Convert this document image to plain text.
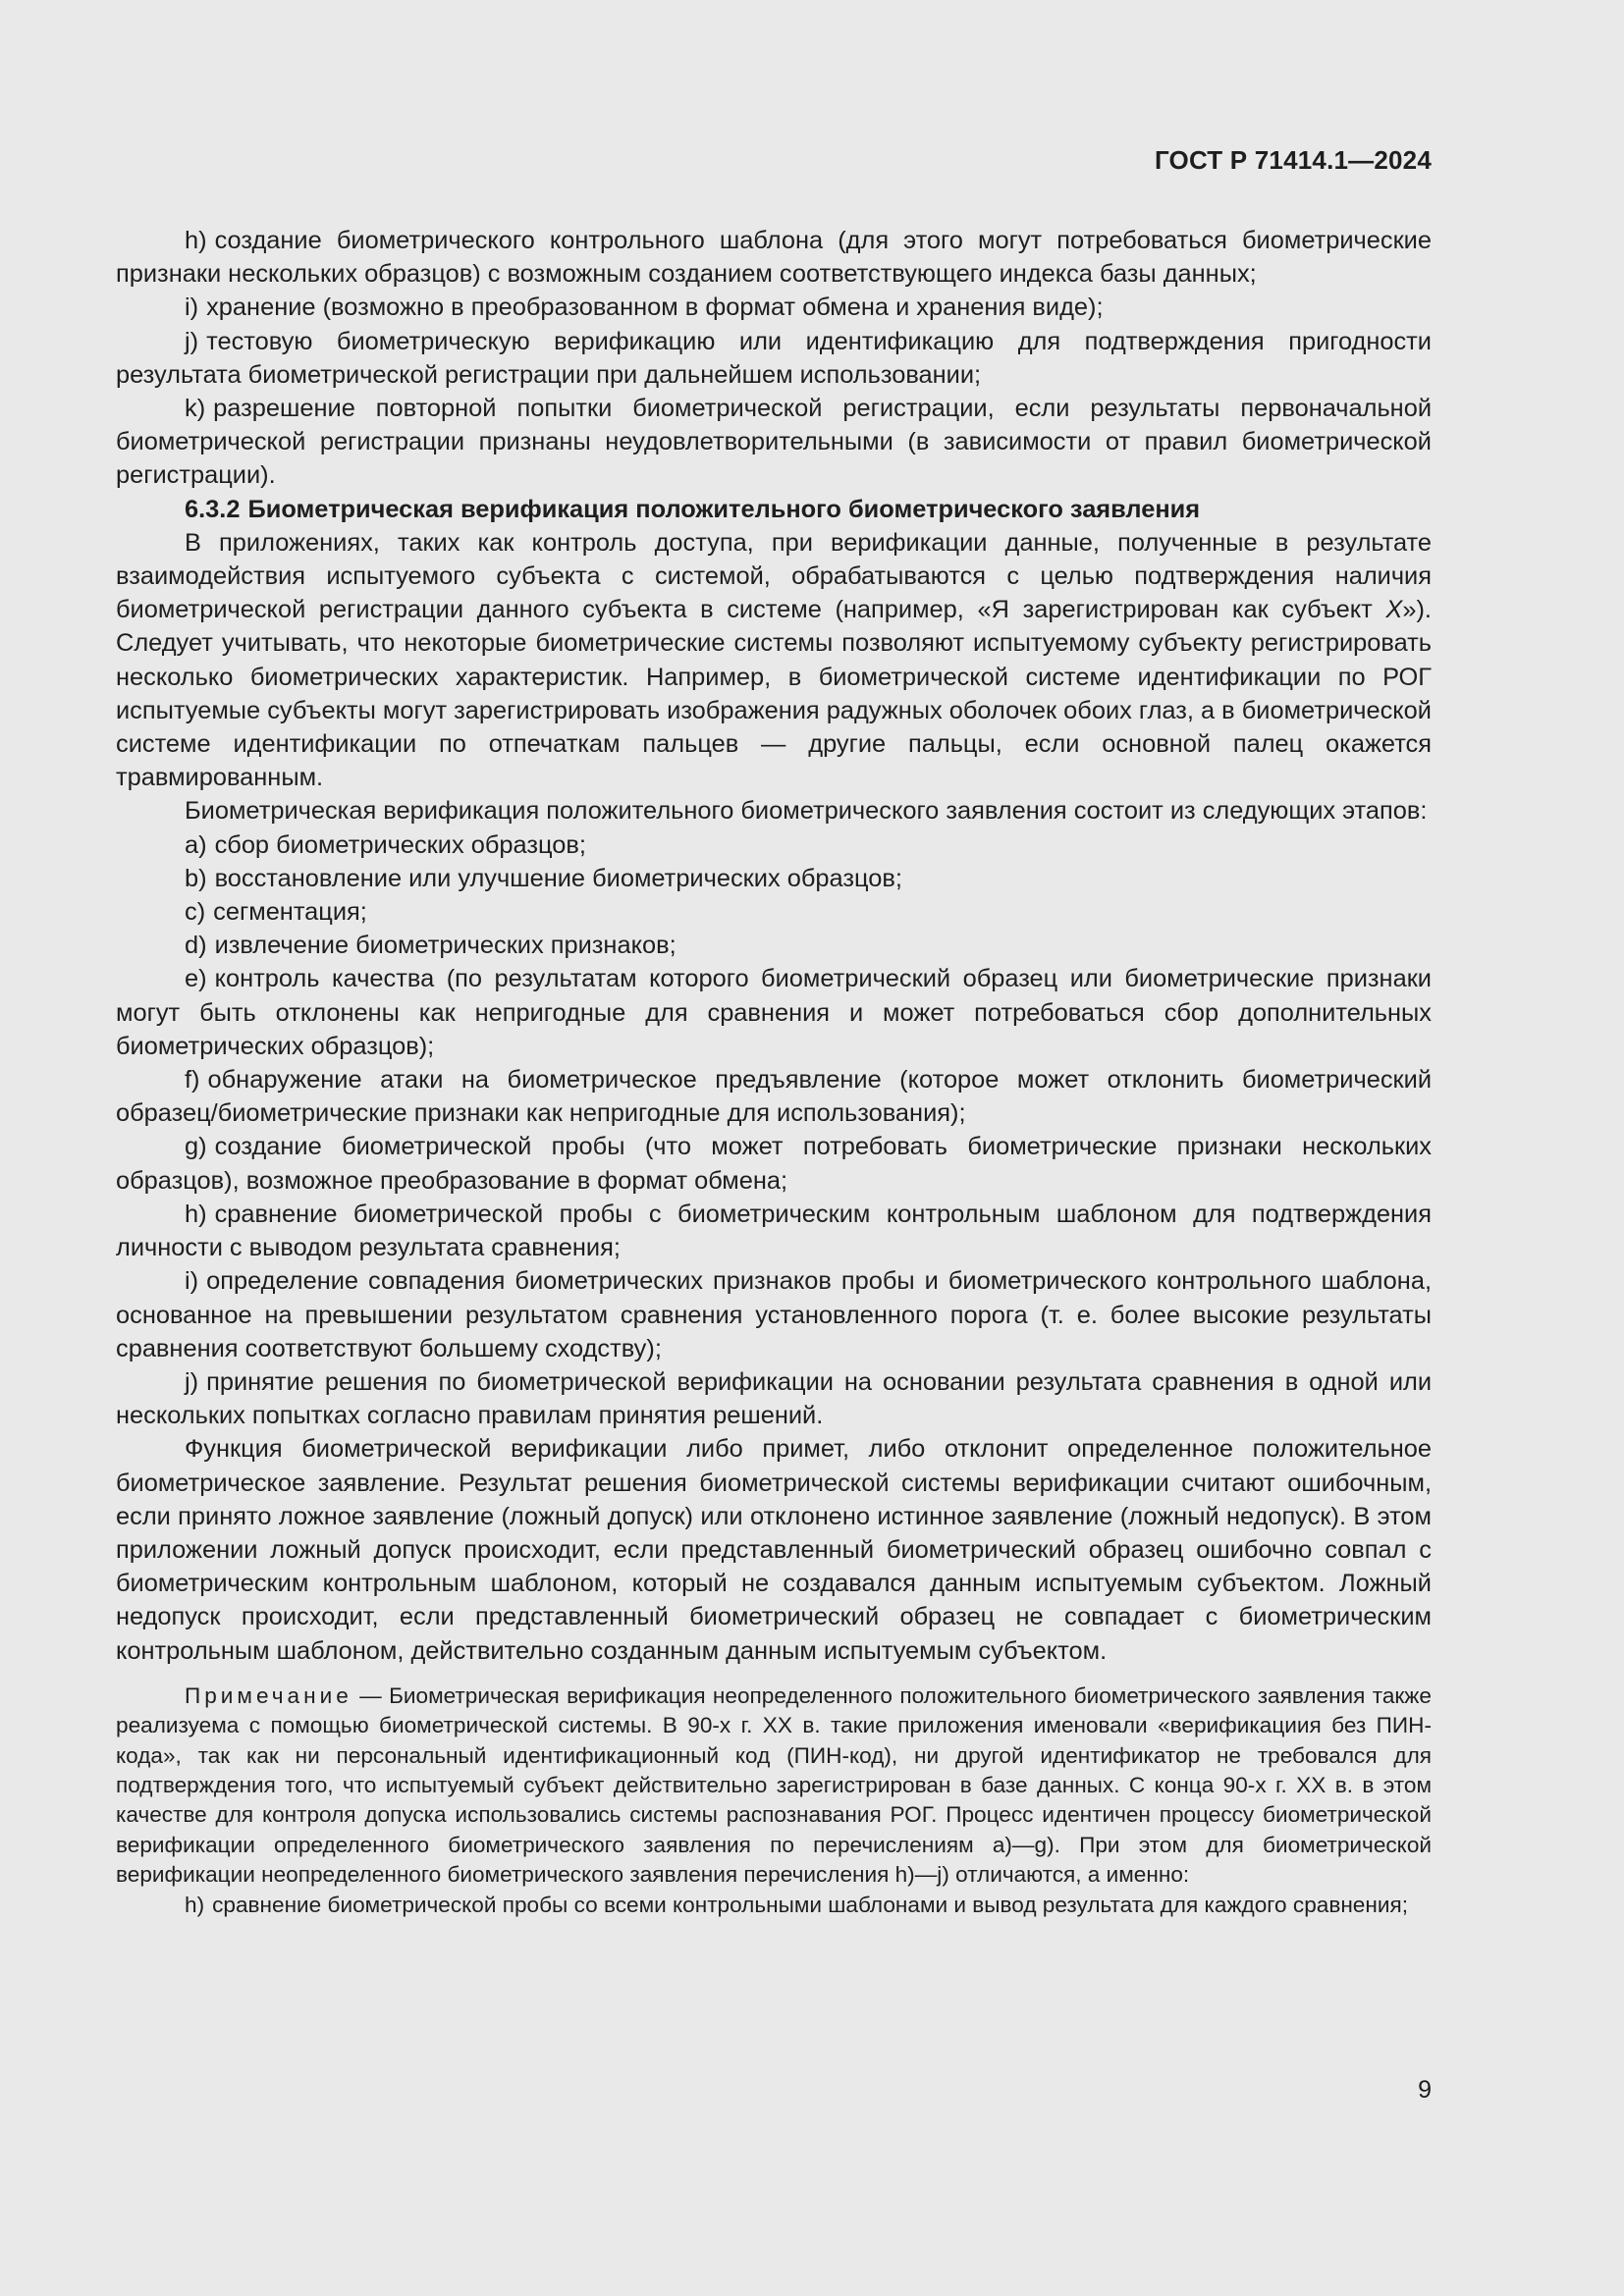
ГОСТ Р 71414.1—2024

h) создание биометрического контрольного шаблона (для этого могут потребоваться биометрические признаки нескольких образцов) с возможным созданием соответствующего индекса базы данных;

i) хранение (возможно в преобразованном в формат обмена и хранения виде);

j) тестовую биометрическую верификацию или идентификацию для подтверждения пригодности результата биометрической регистрации при дальнейшем использовании;

k) разрешение повторной попытки биометрической регистрации, если результаты первоначальной биометрической регистрации признаны неудовлетворительными (в зависимости от правил биометрической регистрации).

6.3.2 Биометрическая верификация положительного биометрического заявления

В приложениях, таких как контроль доступа, при верификации данные, полученные в результате взаимодействия испытуемого субъекта с системой, обрабатываются с целью подтверждения наличия биометрической регистрации данного субъекта в системе (например, «Я зарегистрирован как субъект X»). Следует учитывать, что некоторые биометрические системы позволяют испытуемому субъекту регистрировать несколько биометрических характеристик. Например, в биометрической системе идентификации по РОГ испытуемые субъекты могут зарегистрировать изображения радужных оболочек обоих глаз, а в биометрической системе идентификации по отпечаткам пальцев — другие пальцы, если основной палец окажется травмированным.

Биометрическая верификация положительного биометрического заявления состоит из следующих этапов:

a) сбор биометрических образцов;

b) восстановление или улучшение биометрических образцов;

c) сегментация;

d) извлечение биометрических признаков;

e) контроль качества (по результатам которого биометрический образец или биометрические признаки могут быть отклонены как непригодные для сравнения и может потребоваться сбор дополнительных биометрических образцов);

f) обнаружение атаки на биометрическое предъявление (которое может отклонить биометрический образец/биометрические признаки как непригодные для использования);

g) создание биометрической пробы (что может потребовать биометрические признаки нескольких образцов), возможное преобразование в формат обмена;

h) сравнение биометрической пробы с биометрическим контрольным шаблоном для подтверждения личности с выводом результата сравнения;

i) определение совпадения биометрических признаков пробы и биометрического контрольного шаблона, основанное на превышении результатом сравнения установленного порога (т. е. более высокие результаты сравнения соответствуют большему сходству);

j) принятие решения по биометрической верификации на основании результата сравнения в одной или нескольких попытках согласно правилам принятия решений.

Функция биометрической верификации либо примет, либо отклонит определенное положительное биометрическое заявление. Результат решения биометрической системы верификации считают ошибочным, если принято ложное заявление (ложный допуск) или отклонено истинное заявление (ложный недопуск). В этом приложении ложный допуск происходит, если представленный биометрический образец ошибочно совпал с биометрическим контрольным шаблоном, который не создавался данным испытуемым субъектом. Ложный недопуск происходит, если представленный биометрический образец не совпадает с биометрическим контрольным шаблоном, действительно созданным данным испытуемым субъектом.

Примечание — Биометрическая верификация неопределенного положительного биометрического заявления также реализуема с помощью биометрической системы. В 90-х г. XX в. такие приложения именовали «верификациия без ПИН-кода», так как ни персональный идентификационный код (ПИН-код), ни другой идентификатор не требовался для подтверждения того, что испытуемый субъект действительно зарегистрирован в базе данных. С конца 90-х г. XX в. в этом качестве для контроля допуска использовались системы распознавания РОГ. Процесс идентичен процессу биометрической верификации определенного биометрического заявления по перечислениям a)—g). При этом для биометрической верификации неопределенного биометрического заявления перечисления h)—j) отличаются, а именно:

h) сравнение биометрической пробы со всеми контрольными шаблонами и вывод результата для каждого сравнения;

9
